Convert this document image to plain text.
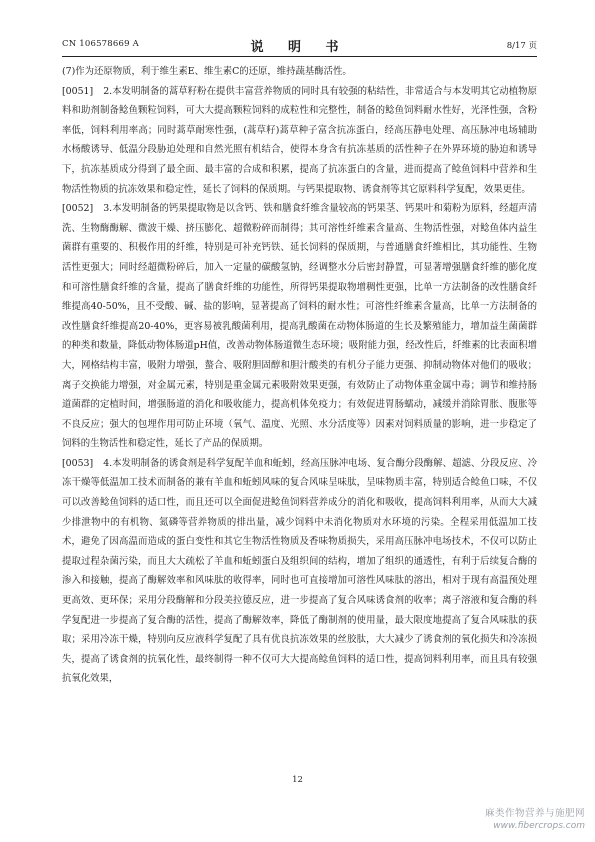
CN 106578669 A	说 明 书	8/17 页

(7)作为还原物质，利于维生素E、维生素C的还原，维持蔬基酶活性。

[0051] 2.本发明制备的蒿草籽粉在提供丰富营养物质的同时具有较强的粘结性，非常适合与本发明其它动植物原料和助剂制备鲶鱼颗粒饲料，可大大提高颗粒饲料的成粒性和完整性，制备的鲶鱼饲料耐水性好，光泽性强，含粉率低，饲料利用率高；同时蒿草耐寒性强，(蒿草籽)蒿草种子富含抗冻蛋白，经高压静电处理、高压脉冲电场辅助水杨酸诱导、低温分段胁迫处理和自然光照有机结合，使得本身含有抗冻基质的活性种子在外界环境的胁迫和诱导下，抗冻基质成分得到了最全面、最丰富的合成和积累，提高了抗冻蛋白的含量，进而提高了鲶鱼饲料中营养和生物活性物质的抗冻效果和稳定性，延长了饲料的保质期。与钙果提取物、诱食剂等其它原料科学复配，效果更佳。

[0052] 3.本发明制备的钙果提取物是以含钙、铁和膳食纤维含量较高的钙果茎、钙果叶和菊粉为原料，经超声清洗、生物酶酶解、微波干燥、挤压膨化、超微粉碎而制得；其可溶性纤维素含量高、生物活性强，对鲶鱼体内益生菌群有重要的、积极作用的纤维，特别是可补充钙铁、延长饲料的保质期，与普通膳食纤维相比，其功能性、生物活性更强大；同时经超微粉碎后，加入一定量的碳酸氢钠，经调整水分后密封静置，可显著增强膳食纤维的膨化度和可溶性膳食纤维的含量，提高了膳食纤维的功能性，所得钙果提取物增稠性更强，比单一方法制备的改性膳食纤维提高40-50%，且不受酸、碱、盐的影响，显著提高了饲料的耐水性；可溶性纤维素含量高，比单一方法制备的改性膳食纤维提高20-40%，更容易被乳酸菌利用，提高乳酸菌在动物体肠道的生长及繁殖能力，增加益生菌菌群的种类和数量，降低动物体肠道pH值，改善动物体肠道微生态环境；吸附能力强，经改性后，纤维素的比表面积增大，网格结构丰富，吸附力增强，螯合、吸附胆固醇和胆汁酸类的有机分子能力更强、抑制动物体对他们的吸收；离子交换能力增强，对金属元素，特别是重金属元素吸附效果更强，有效防止了动物体重金属中毒；调节和维持肠道菌群的定植时间，增强肠道的消化和吸收能力，提高机体免疫力；有效促进胃肠蠕动，减缓并消除胃胀、腹胀等不良反应；强大的包埋作用可防止环境（氧气、温度、光照、水分活度等）因素对饲料质量的影响，进一步稳定了饲料的生物活性和稳定性，延长了产品的保质期。

[0053] 4.本发明制备的诱食剂是科学复配羊血和蚯蚓，经高压脉冲电场、复合酶分段酶解、超滤、分段反应、冷冻干燥等低温加工技术而制备的兼有羊血和蚯蚓风味的复合风味呈味肽，呈味物质丰富，特别适合鲶鱼口味，不仅可以改善鲶鱼饲料的适口性，而且还可以全面促进鲶鱼饲料营养成分的消化和吸收，提高饲料利用率，从而大大减少排泄物中的有机物、氮磷等营养物质的排出量，减少饲料中未消化物质对水环境的污染。全程采用低温加工技术，避免了因高温而造成的蛋白变性和其它生物活性物质及香味物质损失，采用高压脉冲电场技术，不仅可以防止提取过程杂菌污染，而且大大疏松了羊血和蚯蚓蛋白及组织间的结构，增加了组织的通透性，有利于后续复合酶的渗入和接触，提高了酶解效率和风味肽的收得率，同时也可直接增加可溶性风味肽的溶出，相对于现有高温预处理更高效、更环保；采用分段酶解和分段美拉德反应，进一步提高了复合风味诱食剂的收率；离子溶液和复合酶的科学复配进一步提高了复合酶的活性，提高了酶解效率，降低了酶制剂的使用量，最大限度地提高了复合风味肽的获取；采用冷冻干燥，特别向反应液科学复配了具有优良抗冻效果的丝胶肽，大大减少了诱食剂的氧化损失和冷冻损失，提高了诱食剂的抗氧化性，最终制得一种不仅可大大提高鲶鱼饲料的适口性，提高饲料利用率，而且具有较强抗氧化效果，

12
麻类作物营养与施肥网
www.fibercrops.com
